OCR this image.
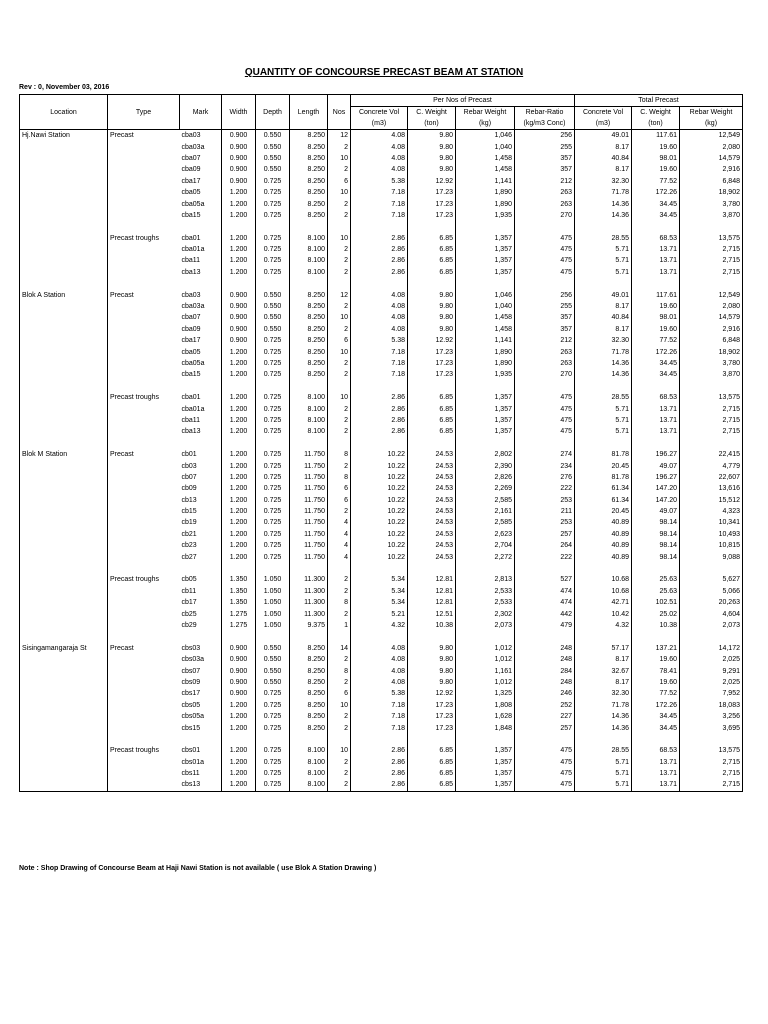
QUANTITY OF CONCOURSE PRECAST BEAM AT STATION
Rev : 0, November 03, 2016
							Per Nos of Precast				Total Precast		
Location	Type	Mark	Width	Depth	Length	Nos	Concrete Vol	C. Weight	Rebar Weight	Rebar-Ratio	Concrete Vol	C. Weight	Rebar Weight
							(m3)	(ton)	(kg)	(kg/m3 Conc)	(m3)	(ton)	(kg)
Hj.Nawi Station	Precast	cba03	0.900	0.550	8.250	12	4.08	9.80	1,046	256	49.01	117.61	12,549
		cba03a	0.900	0.550	8.250	2	4.08	9.80	1,040	255	8.17	19.60	2,080
		cba07	0.900	0.550	8.250	10	4.08	9.80	1,458	357	40.84	98.01	14,579
		cba09	0.900	0.550	8.250	2	4.08	9.80	1,458	357	8.17	19.60	2,916
		cba17	0.900	0.725	8.250	6	5.38	12.92	1,141	212	32.30	77.52	6,848
		cba05	1.200	0.725	8.250	10	7.18	17.23	1,890	263	71.78	172.26	18,902
		cba05a	1.200	0.725	8.250	2	7.18	17.23	1,890	263	14.36	34.45	3,780
		cba15	1.200	0.725	8.250	2	7.18	17.23	1,935	270	14.36	34.45	3,870

	Precast troughs	cba01	1.200	0.725	8.100	10	2.86	6.85	1,357	475	28.55	68.53	13,575
		cba01a	1.200	0.725	8.100	2	2.86	6.85	1,357	475	5.71	13.71	2,715
		cba11	1.200	0.725	8.100	2	2.86	6.85	1,357	475	5.71	13.71	2,715
		cba13	1.200	0.725	8.100	2	2.86	6.85	1,357	475	5.71	13.71	2,715

Blok A Station	Precast	cba03	0.900	0.550	8.250	12	4.08	9.80	1,046	256	49.01	117.61	12,549
		cba03a	0.900	0.550	8.250	2	4.08	9.80	1,040	255	8.17	19.60	2,080
		cba07	0.900	0.550	8.250	10	4.08	9.80	1,458	357	40.84	98.01	14,579
		cba09	0.900	0.550	8.250	2	4.08	9.80	1,458	357	8.17	19.60	2,916
		cba17	0.900	0.725	8.250	6	5.38	12.92	1,141	212	32.30	77.52	6,848
		cba05	1.200	0.725	8.250	10	7.18	17.23	1,890	263	71.78	172.26	18,902
		cba05a	1.200	0.725	8.250	2	7.18	17.23	1,890	263	14.36	34.45	3,780
		cba15	1.200	0.725	8.250	2	7.18	17.23	1,935	270	14.36	34.45	3,870

	Precast troughs	cba01	1.200	0.725	8.100	10	2.86	6.85	1,357	475	28.55	68.53	13,575
		cba01a	1.200	0.725	8.100	2	2.86	6.85	1,357	475	5.71	13.71	2,715
		cba11	1.200	0.725	8.100	2	2.86	6.85	1,357	475	5.71	13.71	2,715
		cba13	1.200	0.725	8.100	2	2.86	6.85	1,357	475	5.71	13.71	2,715

Blok M Station	Precast	cb01	1.200	0.725	11.750	8	10.22	24.53	2,802	274	81.78	196.27	22,415
		cb03	1.200	0.725	11.750	2	10.22	24.53	2,390	234	20.45	49.07	4,779
		cb07	1.200	0.725	11.750	8	10.22	24.53	2,826	276	81.78	196.27	22,607
		cb09	1.200	0.725	11.750	6	10.22	24.53	2,269	222	61.34	147.20	13,616
		cb13	1.200	0.725	11.750	6	10.22	24.53	2,585	253	61.34	147.20	15,512
		cb15	1.200	0.725	11.750	2	10.22	24.53	2,161	211	20.45	49.07	4,323
		cb19	1.200	0.725	11.750	4	10.22	24.53	2,585	253	40.89	98.14	10,341
		cb21	1.200	0.725	11.750	4	10.22	24.53	2,623	257	40.89	98.14	10,493
		cb23	1.200	0.725	11.750	4	10.22	24.53	2,704	264	40.89	98.14	10,815
		cb27	1.200	0.725	11.750	4	10.22	24.53	2,272	222	40.89	98.14	9,088

	Precast troughs	cb05	1.350	1.050	11.300	2	5.34	12.81	2,813	527	10.68	25.63	5,627
		cb11	1.350	1.050	11.300	2	5.34	12.81	2,533	474	10.68	25.63	5,066
		cb17	1.350	1.050	11.300	8	5.34	12.81	2,533	474	42.71	102.51	20,263
		cb25	1.275	1.050	11.300	2	5.21	12.51	2,302	442	10.42	25.02	4,604
		cb29	1.275	1.050	9.375	1	4.32	10.38	2,073	479	4.32	10.38	2,073

Sisingamangaraja St	Precast	cbs03	0.900	0.550	8.250	14	4.08	9.80	1,012	248	57.17	137.21	14,172
		cbs03a	0.900	0.550	8.250	2	4.08	9.80	1,012	248	8.17	19.60	2,025
		cbs07	0.900	0.550	8.250	8	4.08	9.80	1,161	284	32.67	78.41	9,291
		cbs09	0.900	0.550	8.250	2	4.08	9.80	1,012	248	8.17	19.60	2,025
		cbs17	0.900	0.725	8.250	6	5.38	12.92	1,325	246	32.30	77.52	7,952
		cbs05	1.200	0.725	8.250	10	7.18	17.23	1,808	252	71.78	172.26	18,083
		cbs05a	1.200	0.725	8.250	2	7.18	17.23	1,628	227	14.36	34.45	3,256
		cbs15	1.200	0.725	8.250	2	7.18	17.23	1,848	257	14.36	34.45	3,695

	Precast troughs	cbs01	1.200	0.725	8.100	10	2.86	6.85	1,357	475	28.55	68.53	13,575
		cbs01a	1.200	0.725	8.100	2	2.86	6.85	1,357	475	5.71	13.71	2,715
		cbs11	1.200	0.725	8.100	2	2.86	6.85	1,357	475	5.71	13.71	2,715
		cbs13	1.200	0.725	8.100	2	2.86	6.85	1,357	475	5.71	13.71	2,715
Note : Shop Drawing of Concourse Beam at Haji Nawi Station is not available ( use Blok A Station Drawing )
